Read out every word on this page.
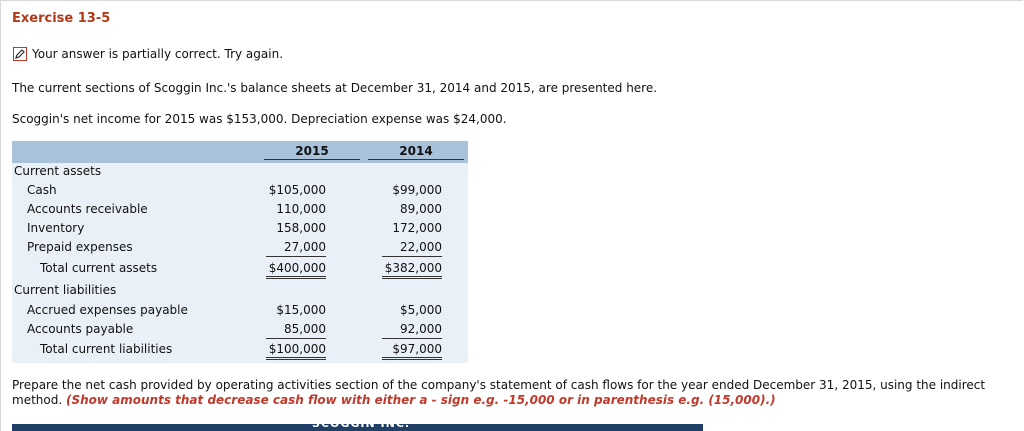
Exercise 13-5
Your answer is partially correct. Try again.
The current sections of Scoggin Inc.'s balance sheets at December 31, 2014 and 2015, are presented here.
Scoggin's net income for 2015 was $153,000. Depreciation expense was $24,000.
2015	2014
Current assets
Cash	$105,000	$99,000
Accounts receivable	110,000	89,000
Inventory	158,000	172,000
Prepaid expenses	27,000	22,000
Total current assets	$400,000	$382,000
Current liabilities
Accrued expenses payable	$15,000	$5,000
Accounts payable	85,000	92,000
Total current liabilities	$100,000	$97,000
Prepare the net cash provided by operating activities section of the company's statement of cash flows for the year ended December 31, 2015, using the indirect method. (Show amounts that decrease cash flow with either a - sign e.g. -15,000 or in parenthesis e.g. (15,000).)
SCOGGIN INC.
